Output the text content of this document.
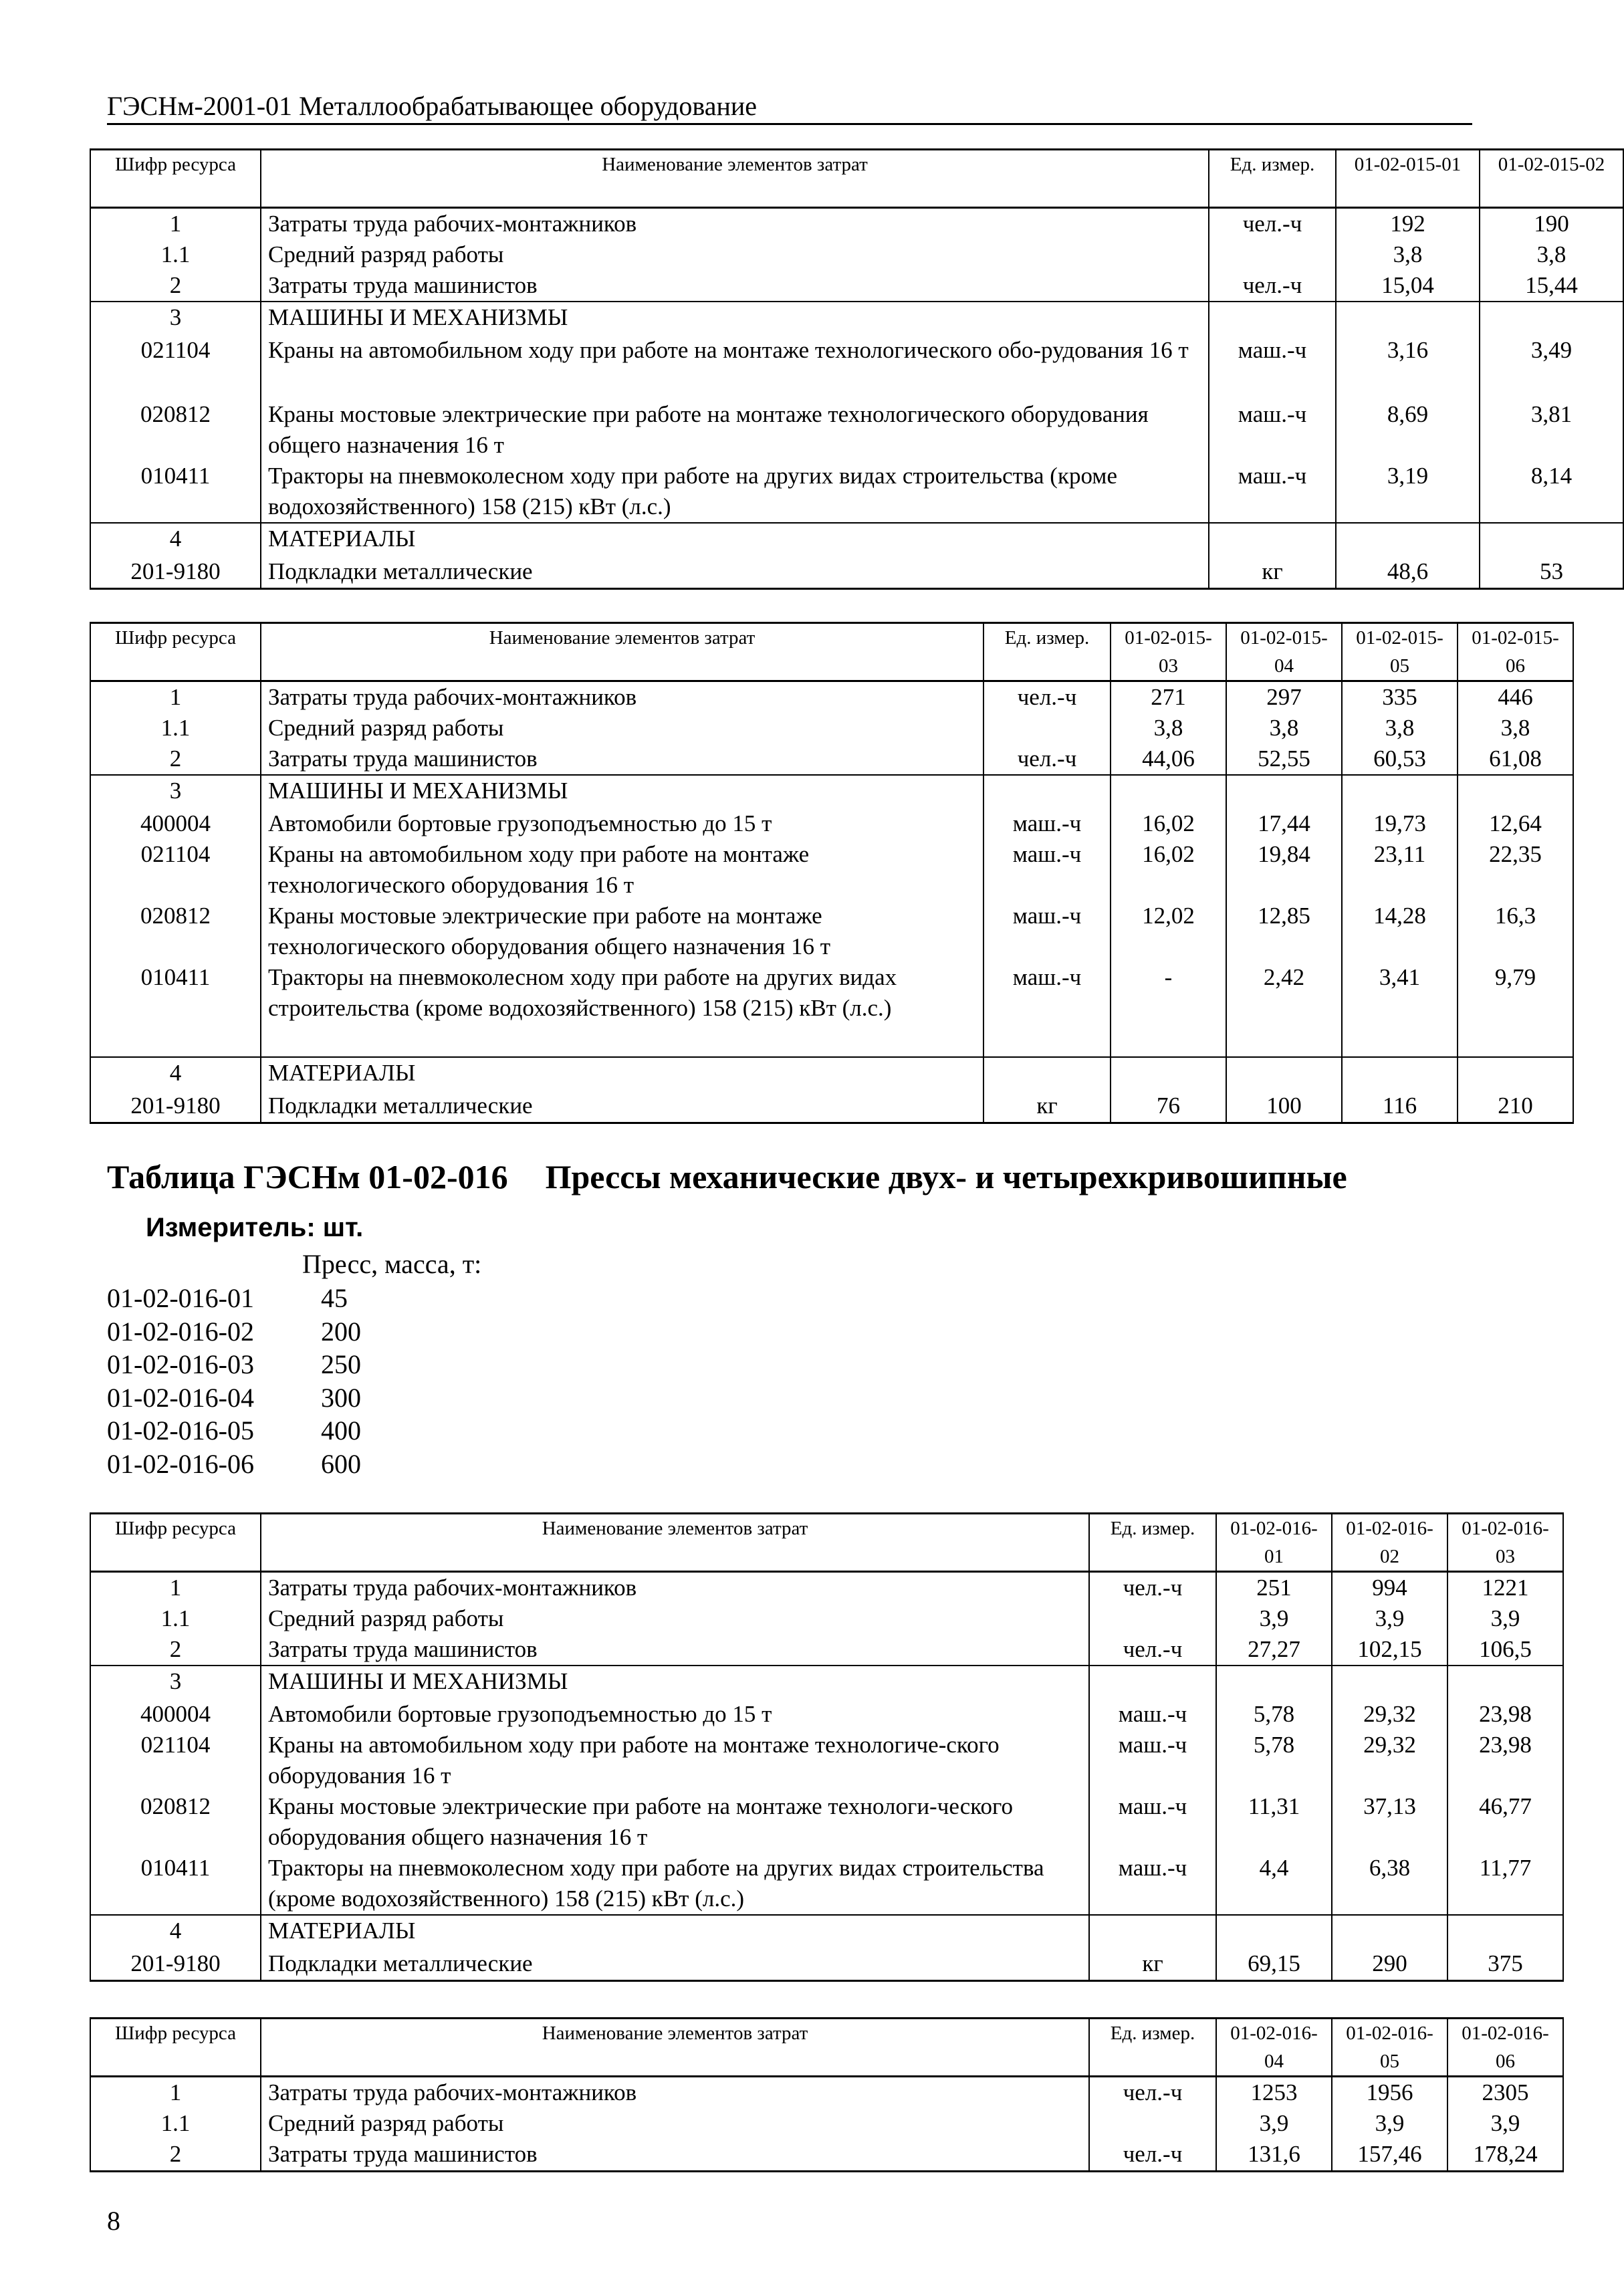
ГЭСНм-2001-01 Металлообрабатывающее оборудование
Шифр ресурса	Наименование элементов затрат	Ед. измер.	01-02-015-01	01-02-015-02
1	Затраты труда рабочих-монтажников	чел.-ч	192	190
1.1	Средний разряд работы		3,8	3,8
2	Затраты труда машинистов	чел.-ч	15,04	15,44
3	МАШИНЫ И МЕХАНИЗМЫ			
021104	Краны на автомобильном ходу при работе на монтаже технологического обо-рудования 16 т	маш.-ч	3,16	3,49
020812	Краны мостовые электрические при работе на монтаже технологического оборудования общего назначения 16 т	маш.-ч	8,69	3,81
010411	Тракторы на пневмоколесном ходу при работе на других видах строительства (кроме водохозяйственного) 158 (215) кВт (л.с.)	маш.-ч	3,19	8,14
4	МАТЕРИАЛЫ			
201-9180	Подкладки металлические	кг	48,6	53
Шифр ресурса	Наименование элементов затрат	Ед. измер.	01-02-015-03	01-02-015-04	01-02-015-05	01-02-015-06
1	Затраты труда рабочих-монтажников	чел.-ч	271	297	335	446
1.1	Средний разряд работы		3,8	3,8	3,8	3,8
2	Затраты труда машинистов	чел.-ч	44,06	52,55	60,53	61,08
3	МАШИНЫ И МЕХАНИЗМЫ					
400004	Автомобили бортовые грузоподъемностью до 15 т	маш.-ч	16,02	17,44	19,73	12,64
021104	Краны на автомобильном ходу при работе на монтаже технологического оборудования 16 т	маш.-ч	16,02	19,84	23,11	22,35
020812	Краны мостовые электрические при работе на монтаже технологического оборудования общего назначения 16 т	маш.-ч	12,02	12,85	14,28	16,3
010411	Тракторы на пневмоколесном ходу при работе на других видах строительства (кроме водохозяйственного) 158 (215) кВт (л.с.)	маш.-ч	-	2,42	3,41	9,79
4	МАТЕРИАЛЫ					
201-9180	Подкладки металлические	кг	76	100	116	210
Таблица ГЭСНм 01-02-016 Прессы механические двух- и четырехкривошипные
Измеритель: шт.
Пресс, масса, т:
01-02-016-01	45
01-02-016-02	200
01-02-016-03	250
01-02-016-04	300
01-02-016-05	400
01-02-016-06	600
Шифр ресурса	Наименование элементов затрат	Ед. измер.	01-02-016-01	01-02-016-02	01-02-016-03
1	Затраты труда рабочих-монтажников	чел.-ч	251	994	1221
1.1	Средний разряд работы		3,9	3,9	3,9
2	Затраты труда машинистов	чел.-ч	27,27	102,15	106,5
3	МАШИНЫ И МЕХАНИЗМЫ				
400004	Автомобили бортовые грузоподъемностью до 15 т	маш.-ч	5,78	29,32	23,98
021104	Краны на автомобильном ходу при работе на монтаже технологиче-ского оборудования 16 т	маш.-ч	5,78	29,32	23,98
020812	Краны мостовые электрические при работе на монтаже технологи-ческого оборудования общего назначения 16 т	маш.-ч	11,31	37,13	46,77
010411	Тракторы на пневмоколесном ходу при работе на других видах строительства (кроме водохозяйственного) 158 (215) кВт (л.с.)	маш.-ч	4,4	6,38	11,77
4	МАТЕРИАЛЫ				
201-9180	Подкладки металлические	кг	69,15	290	375
Шифр ресурса	Наименование элементов затрат	Ед. измер.	01-02-016-04	01-02-016-05	01-02-016-06
1	Затраты труда рабочих-монтажников	чел.-ч	1253	1956	2305
1.1	Средний разряд работы		3,9	3,9	3,9
2	Затраты труда машинистов	чел.-ч	131,6	157,46	178,24
8
